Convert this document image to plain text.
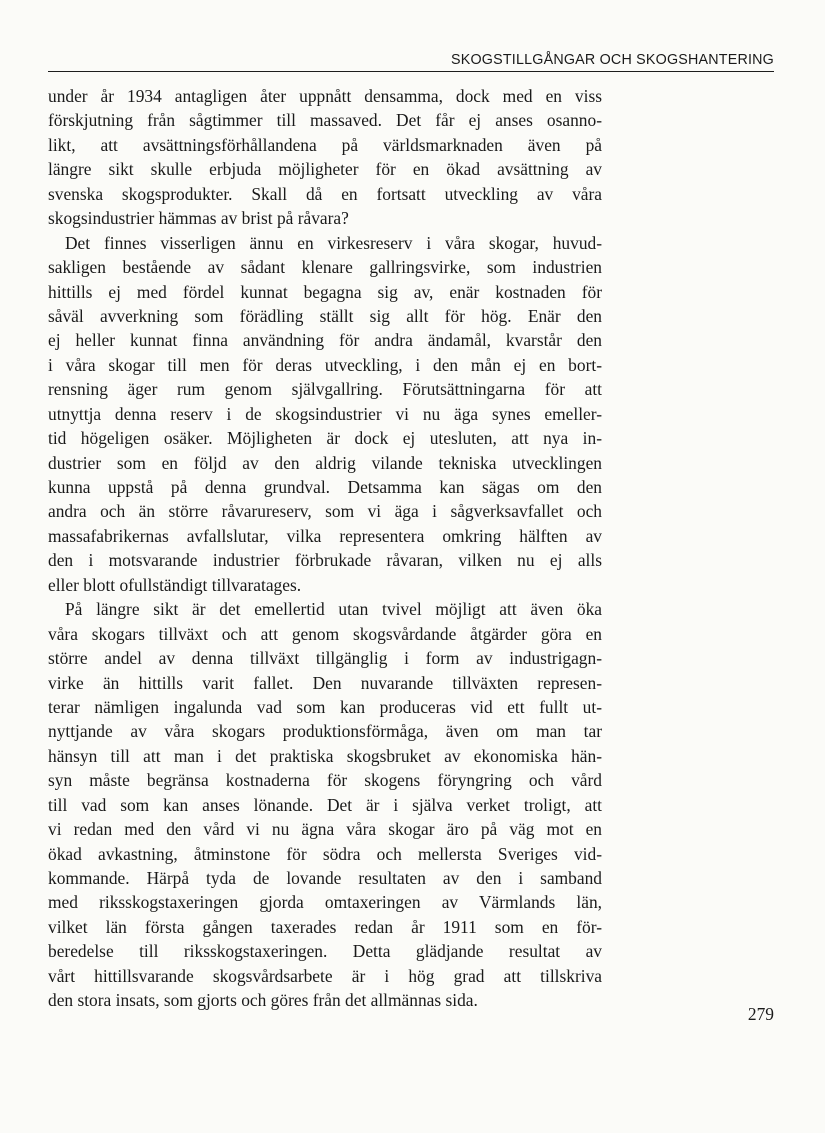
SKOGSTILLGÅNGAR OCH SKOGSHANTERING
under år 1934 antagligen åter uppnått densamma, dock med en viss
förskjutning från sågtimmer till massaved. Det får ej anses osanno-
likt, att avsättningsförhållandena på världsmarknaden även på
längre sikt skulle erbjuda möjligheter för en ökad avsättning av
svenska skogsprodukter. Skall då en fortsatt utveckling av våra
skogsindustrier hämmas av brist på råvara?
Det finnes visserligen ännu en virkesreserv i våra skogar, huvud-
sakligen bestående av sådant klenare gallringsvirke, som industrien
hittills ej med fördel kunnat begagna sig av, enär kostnaden för
såväl avverkning som förädling ställt sig allt för hög. Enär den
ej heller kunnat finna användning för andra ändamål, kvarstår den
i våra skogar till men för deras utveckling, i den mån ej en bort-
rensning äger rum genom självgallring. Förutsättningarna för att
utnyttja denna reserv i de skogsindustrier vi nu äga synes emeller-
tid högeligen osäker. Möjligheten är dock ej utesluten, att nya in-
dustrier som en följd av den aldrig vilande tekniska utvecklingen
kunna uppstå på denna grundval. Detsamma kan sägas om den
andra och än större råvarureserv, som vi äga i sågverksavfallet och
massafabrikernas avfallslutar, vilka representera omkring hälften av
den i motsvarande industrier förbrukade råvaran, vilken nu ej alls
eller blott ofullständigt tillvaratages.
På längre sikt är det emellertid utan tvivel möjligt att även öka
våra skogars tillväxt och att genom skogsvårdande åtgärder göra en
större andel av denna tillväxt tillgänglig i form av industrigagn-
virke än hittills varit fallet. Den nuvarande tillväxten represen-
terar nämligen ingalunda vad som kan produceras vid ett fullt ut-
nyttjande av våra skogars produktionsförmåga, även om man tar
hänsyn till att man i det praktiska skogsbruket av ekonomiska hän-
syn måste begränsa kostnaderna för skogens föryngring och vård
till vad som kan anses lönande. Det är i själva verket troligt, att
vi redan med den vård vi nu ägna våra skogar äro på väg mot en
ökad avkastning, åtminstone för södra och mellersta Sveriges vid-
kommande. Härpå tyda de lovande resultaten av den i samband
med riksskogstaxeringen gjorda omtaxeringen av Värmlands län,
vilket län första gången taxerades redan år 1911 som en för-
beredelse till riksskogstaxeringen. Detta glädjande resultat av
vårt hittillsvarande skogsvårdsarbete är i hög grad att tillskriva
den stora insats, som gjorts och göres från det allmännas sida.
279
